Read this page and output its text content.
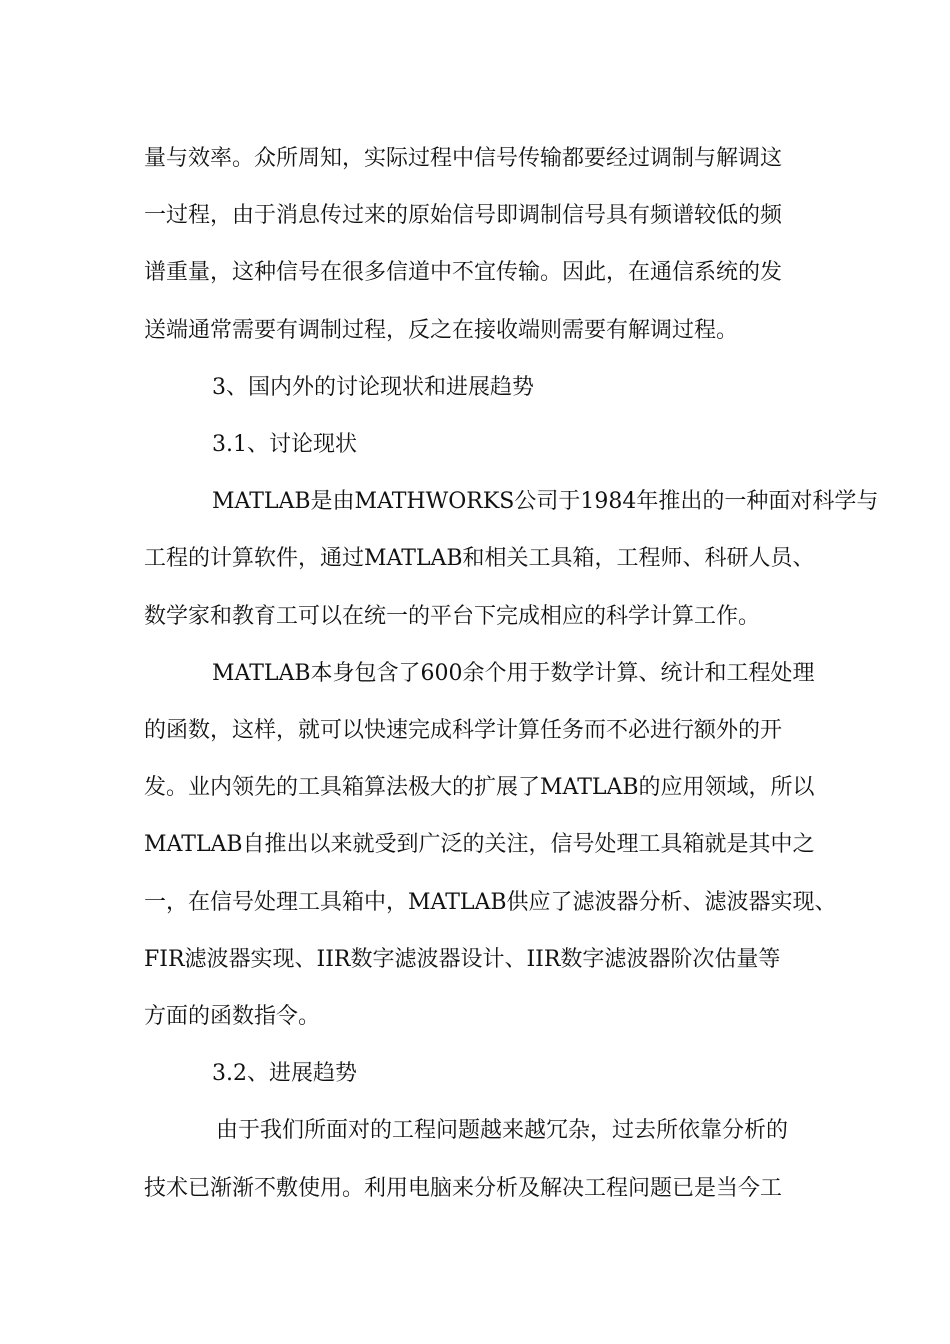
量与效率。众所周知，实际过程中信号传输都要经过调制与解调这

一过程，由于消息传过来的原始信号即调制信号具有频谱较低的频

谱重量，这种信号在很多信道中不宜传输。因此，在通信系统的发

送端通常需要有调制过程，反之在接收端则需要有解调过程。

3、国内外的讨论现状和进展趋势

3.1、讨论现状

MATLAB是由MATHWORKS公司于1984年推出的一种面对科学与

工程的计算软件，通过MATLAB和相关工具箱，工程师、科研人员、

数学家和教育工可以在统一的平台下完成相应的科学计算工作。

MATLAB本身包含了600余个用于数学计算、统计和工程处理

的函数，这样，就可以快速完成科学计算任务而不必进行额外的开

发。业内领先的工具箱算法极大的扩展了MATLAB的应用领域，所以

MATLAB自推出以来就受到广泛的关注，信号处理工具箱就是其中之

一，在信号处理工具箱中，MATLAB供应了滤波器分析、滤波器实现、

FIR滤波器实现、IIR数字滤波器设计、IIR数字滤波器阶次估量等

方面的函数指令。

3.2、进展趋势

由于我们所面对的工程问题越来越冗杂，过去所依靠分析的

技术已渐渐不敷使用。利用电脑来分析及解决工程问题已是当今工
